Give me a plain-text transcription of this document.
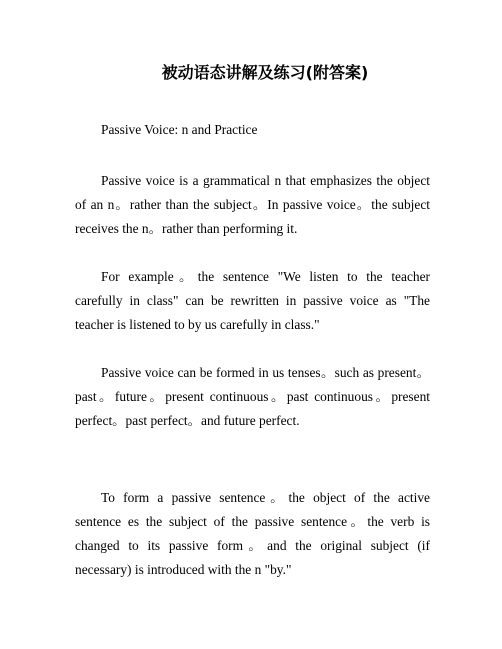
被动语态讲解及练习(附答案)

Passive Voice: n and Practice

Passive voice is a grammatical n that emphasizes the object of an n。rather than the subject。In passive voice。the subject receives the n。rather than performing it.

For example。the sentence "We listen to the teacher carefully in class" can be rewritten in passive voice as "The teacher is listened to by us carefully in class."

Passive voice can be formed in us tenses。such as present。past。future。present continuous。past continuous。present perfect。past perfect。and future perfect.

To form a passive sentence。the object of the active sentence es the subject of the passive sentence。the verb is changed to its passive form。and the original subject (if necessary) is introduced with the n "by."
